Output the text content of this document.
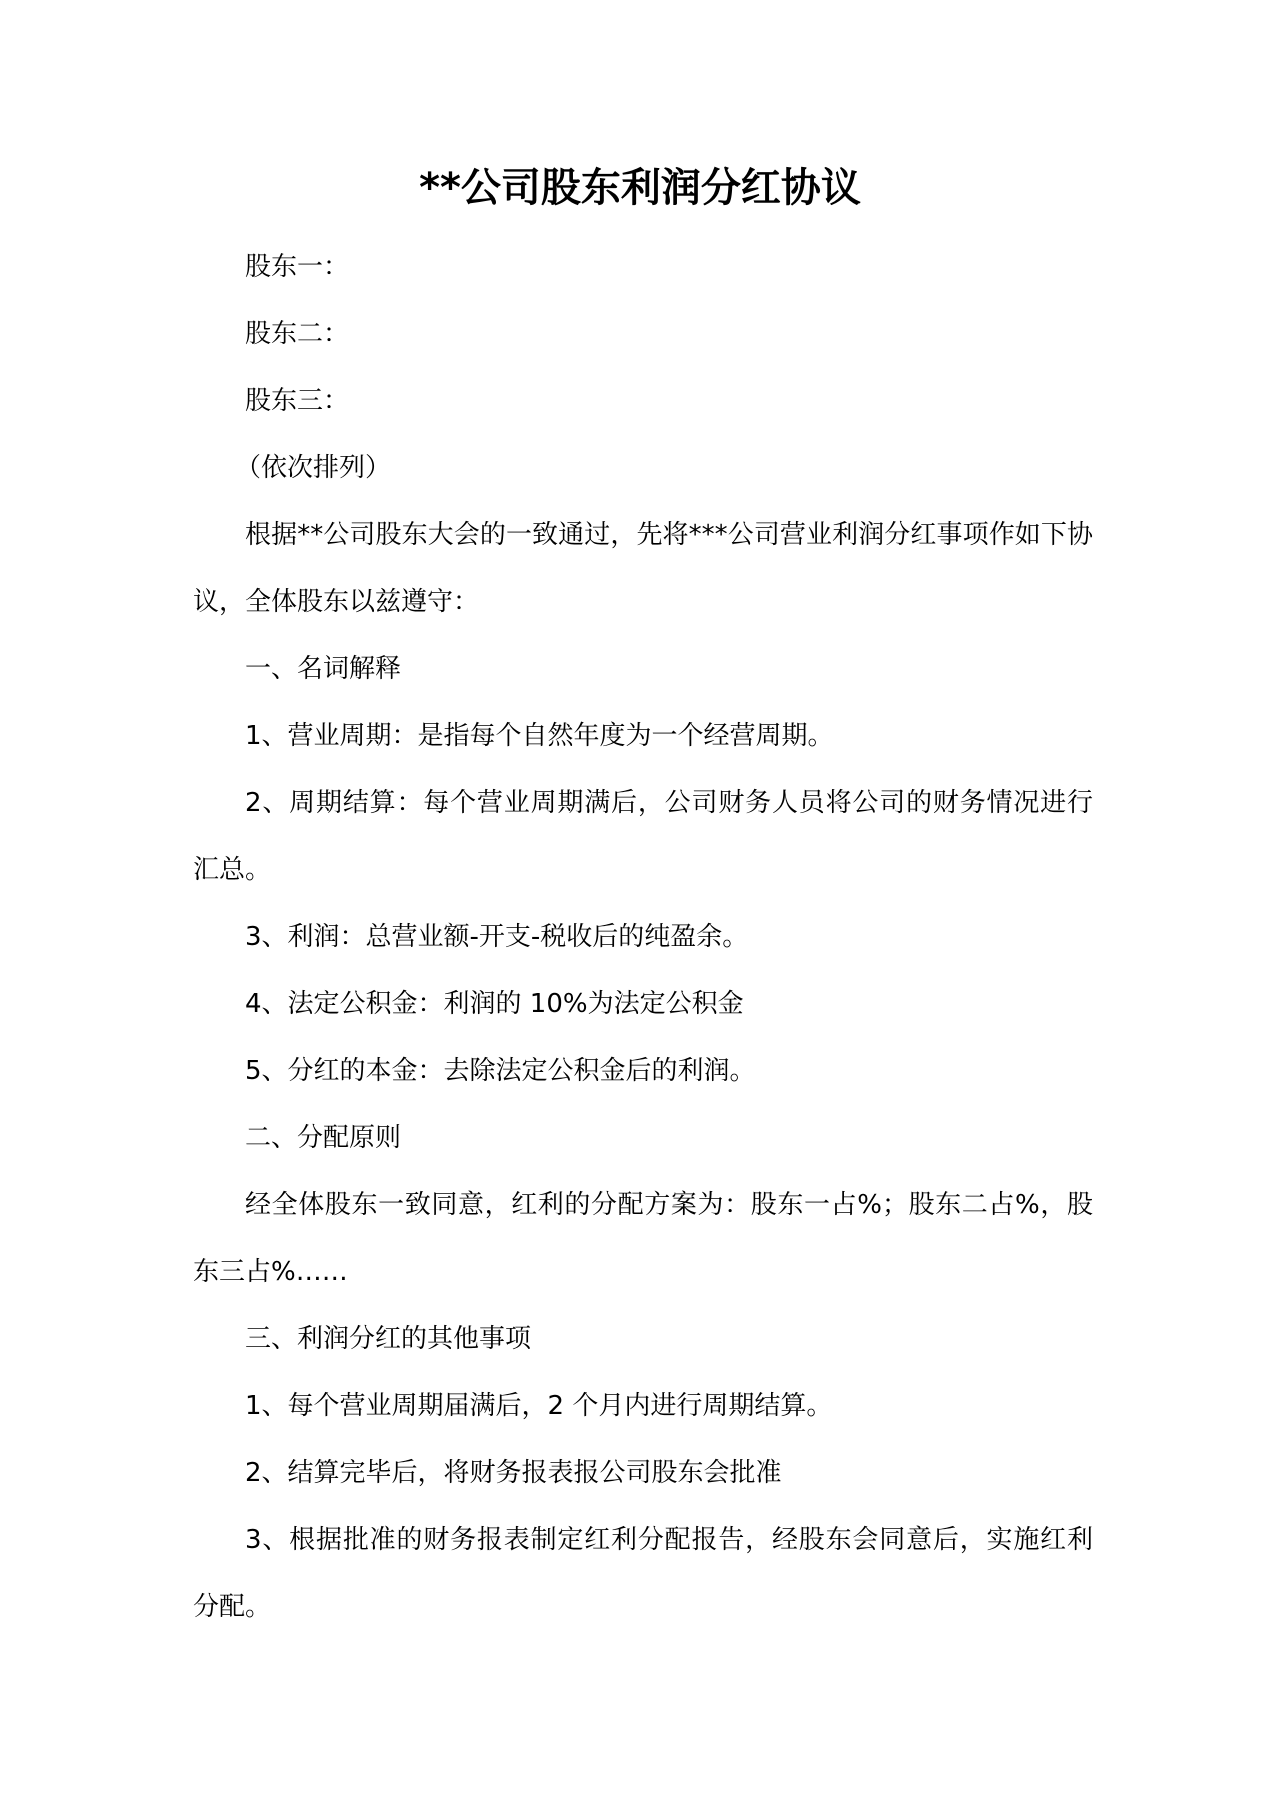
**公司股东利润分红协议

股东一：

股东二：

股东三：

（依次排列）

根据**公司股东大会的一致通过，先将***公司营业利润分红事项作如下协议，全体股东以兹遵守：

一、名词解释

1、营业周期：是指每个自然年度为一个经营周期。

2、周期结算：每个营业周期满后，公司财务人员将公司的财务情况进行汇总。

3、利润：总营业额-开支-税收后的纯盈余。

4、法定公积金：利润的 10%为法定公积金

5、分红的本金：去除法定公积金后的利润。

二、分配原则

经全体股东一致同意，红利的分配方案为：股东一占%；股东二占%，股东三占%……

三、利润分红的其他事项

1、每个营业周期届满后，2 个月内进行周期结算。

2、结算完毕后，将财务报表报公司股东会批准

3、根据批准的财务报表制定红利分配报告，经股东会同意后，实施红利分配。
